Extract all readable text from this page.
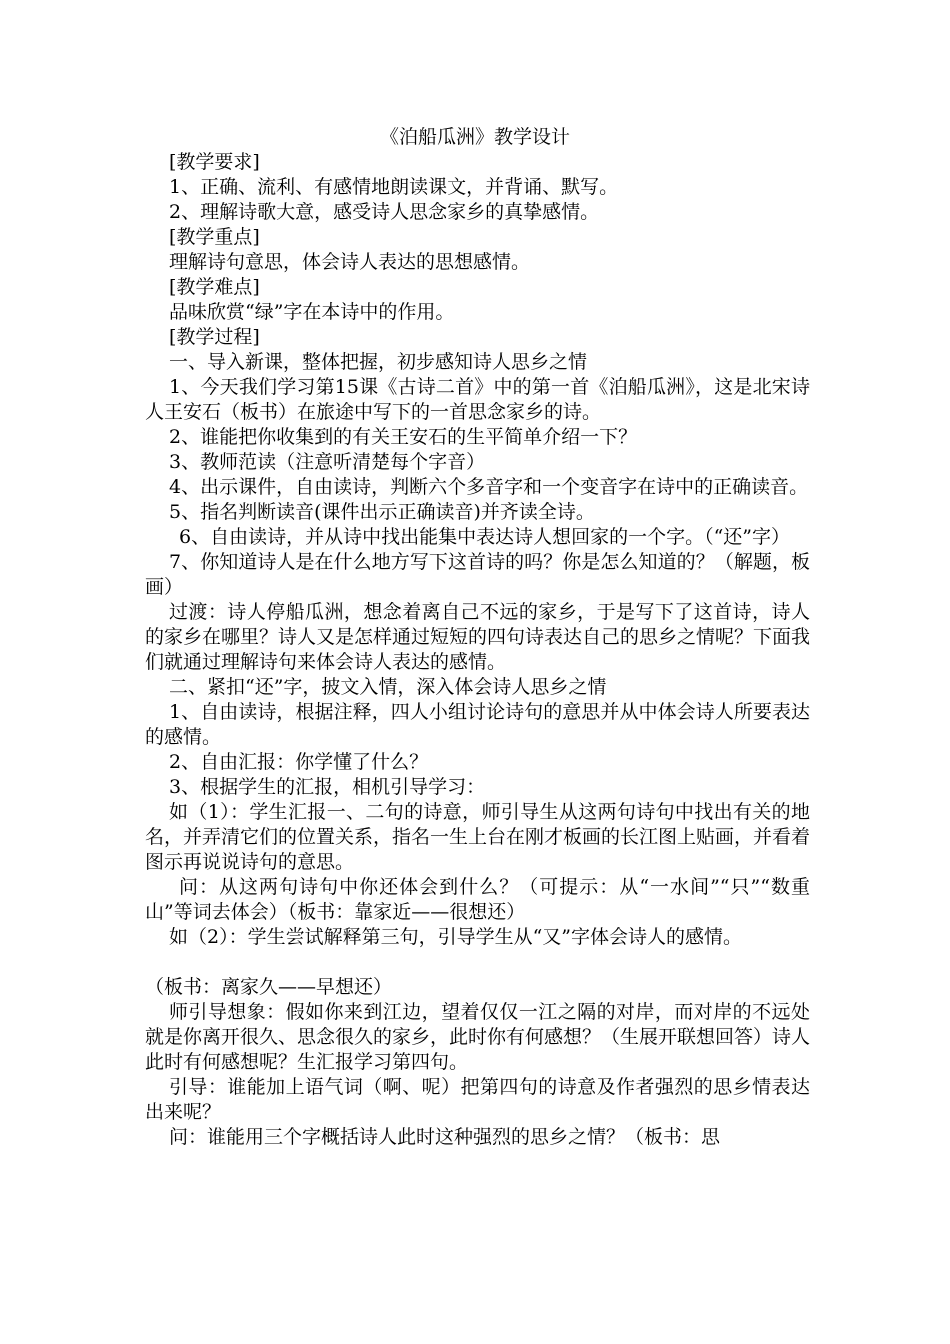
《泊船瓜洲》教学设计

[教学要求]

1、正确、流利、有感情地朗读课文，并背诵、默写。

2、理解诗歌大意，感受诗人思念家乡的真挚感情。

[教学重点]

理解诗句意思，体会诗人表达的思想感情。

[教学难点]

品味欣赏“绿”字在本诗中的作用。

[教学过程]

一、导入新课，整体把握，初步感知诗人思乡之情

1、今天我们学习第15课《古诗二首》中的第一首《泊船瓜洲》，这是北宋诗人王安石（板书）在旅途中写下的一首思念家乡的诗。

2、谁能把你收集到的有关王安石的生平简单介绍一下？

3、教师范读（注意听清楚每个字音）

4、出示课件，自由读诗，判断六个多音字和一个变音字在诗中的正确读音。

5、指名判断读音(课件出示正确读音)并齐读全诗。

6、自由读诗，并从诗中找出能集中表达诗人想回家的一个字。（“还”字）

7、你知道诗人是在什么地方写下这首诗的吗？你是怎么知道的？（解题，板画）

过渡：诗人停船瓜洲，想念着离自己不远的家乡，于是写下了这首诗，诗人的家乡在哪里？诗人又是怎样通过短短的四句诗表达自己的思乡之情呢？下面我们就通过理解诗句来体会诗人表达的感情。

二、紧扣“还”字，披文入情，深入体会诗人思乡之情

1、自由读诗，根据注释，四人小组讨论诗句的意思并从中体会诗人所要表达的感情。

2、自由汇报：你学懂了什么？

3、根据学生的汇报，相机引导学习：

如（1）：学生汇报一、二句的诗意，师引导生从这两句诗句中找出有关的地名，并弄清它们的位置关系，指名一生上台在刚才板画的长江图上贴画，并看着图示再说说诗句的意思。

问：从这两句诗句中你还体会到什么？（可提示：从“一水间”“只”“数重山”等词去体会）（板书：靠家近——很想还）

如（2）：学生尝试解释第三句，引导学生从“又”字体会诗人的感情。

（板书：离家久——早想还）

师引导想象：假如你来到江边，望着仅仅一江之隔的对岸，而对岸的不远处就是你离开很久、思念很久的家乡，此时你有何感想？（生展开联想回答）诗人此时有何感想呢？生汇报学习第四句。

引导：谁能加上语气词（啊、呢）把第四句的诗意及作者强烈的思乡情表达出来呢？

问：谁能用三个字概括诗人此时这种强烈的思乡之情？（板书：思
